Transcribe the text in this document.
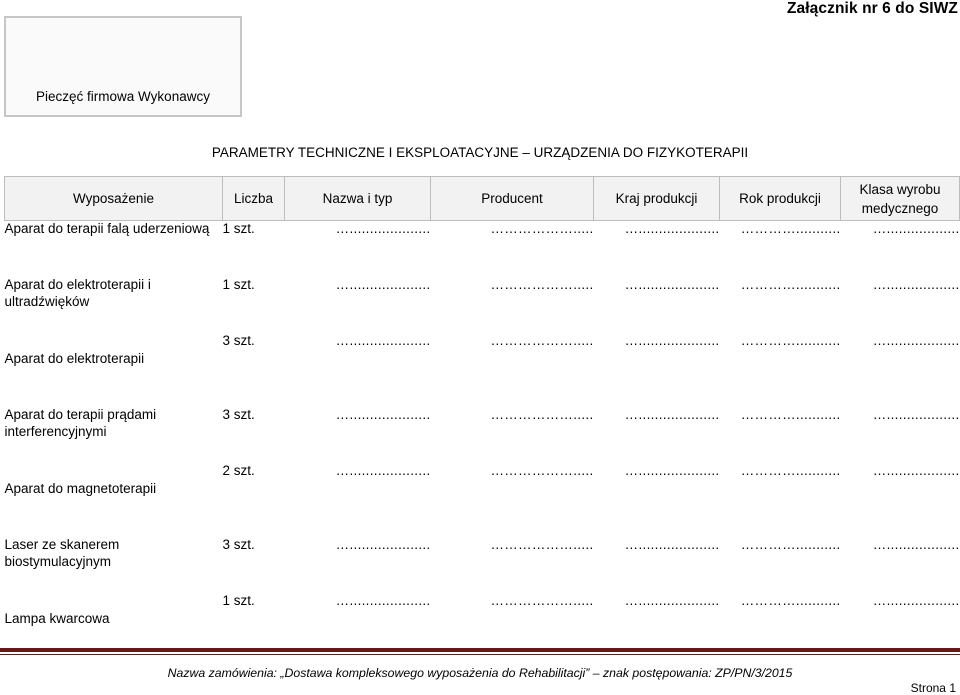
Załącznik nr 6 do SIWZ
Pieczęć firmowa Wykonawcy
PARAMETRY TECHNICZNE I EKSPLOATACYJNE – URZĄDZENIA DO FIZYKOTERAPII
Wyposażenie	Liczba	Nazwa i typ	Producent	Kraj produkcji	Rok produkcji	Klasa wyrobu medycznego
Aparat do terapii falą uderzeniową	1 szt.	…....................	……………….....	…....................	…………...........	…..................
Aparat do elektroterapii i ultradźwięków	1 szt.	…....................	……………….....	…....................	…………...........	…..................
Aparat do elektroterapii	3 szt.	…....................	……………….....	…....................	…………...........	…..................
Aparat do terapii prądami interferencyjnymi	3 szt.	…....................	……………….....	…....................	…………...........	…..................
Aparat do magnetoterapii	2 szt.	…....................	……………….....	…....................	…………...........	…..................
Laser ze skanerem biostymulacyjnym	3 szt.	…....................	……………….....	…....................	…………...........	…..................
Lampa kwarcowa	1 szt.	…....................	……………….....	…....................	…………...........	…..................
Nazwa zamówienia: „Dostawa kompleksowego wyposażenia do Rehabilitacji” – znak postępowania: ZP/PN/3/2015
Strona 1
